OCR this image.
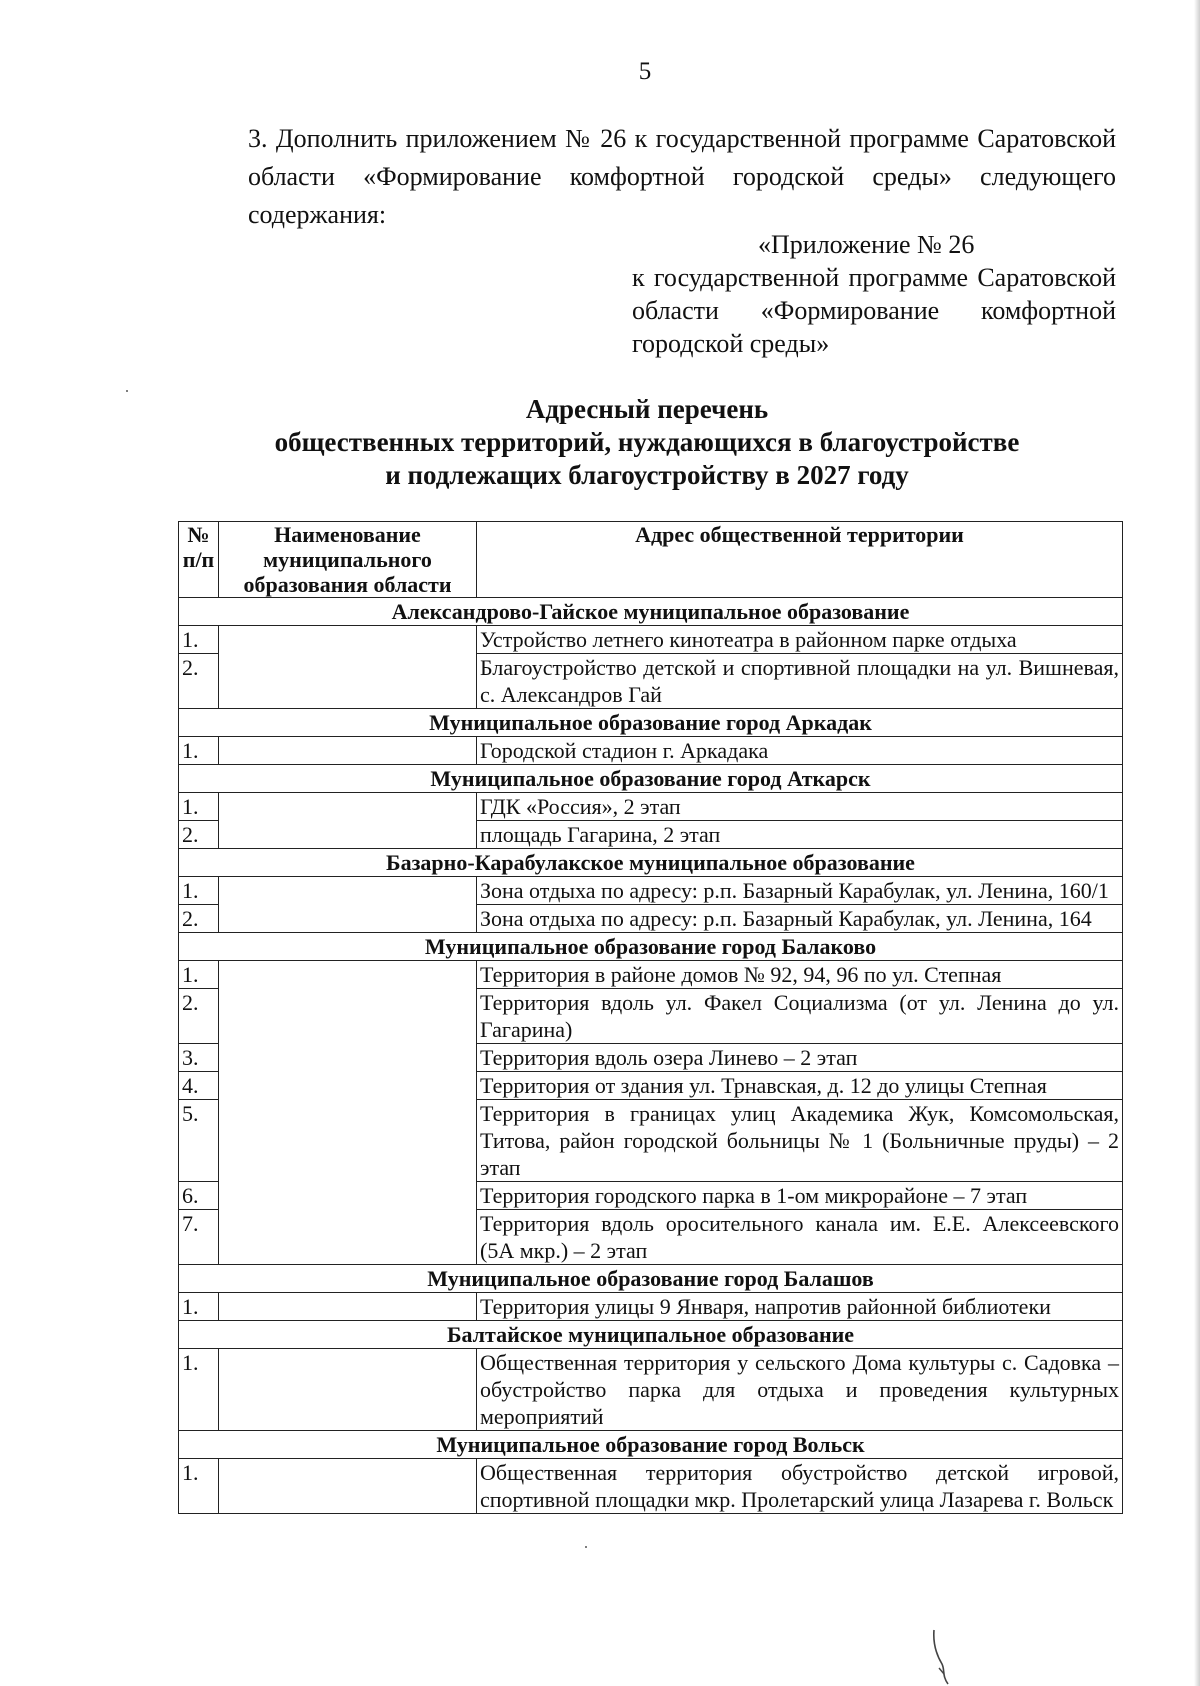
5

3. Дополнить приложением № 26 к государственной программе Саратовской области «Формирование комфортной городской среды» следующего содержания:

«Приложение № 26
к государственной программе Саратовской области «Формирование комфортной городской среды»
Адресный перечень
общественных территорий, нуждающихся в благоустройстве
и подлежащих благоустройству в 2027 году
№ п/п	Наименование муниципального образования области	Адрес общественной территории
Александрово-Гайское муниципальное образование		
1.		Устройство летнего кинотеатра в районном парке отдыха
2.		Благоустройство детской и спортивной площадки на ул. Вишневая, с. Александров Гай
Муниципальное образование город Аркадак		
1.		Городской стадион г. Аркадака
Муниципальное образование город Аткарск		
1.		ГДК «Россия», 2 этап
2.		площадь Гагарина, 2 этап
Базарно-Карабулакское муниципальное образование		
1.		Зона отдыха по адресу: р.п. Базарный Карабулак, ул. Ленина, 160/1
2.		Зона отдыха по адресу: р.п. Базарный Карабулак, ул. Ленина, 164
Муниципальное образование город Балаково		
1.		Территория в районе домов № 92, 94, 96 по ул. Степная
2.		Территория вдоль ул. Факел Социализма (от ул. Ленина до ул. Гагарина)
3.		Территория вдоль озера Линево – 2 этап
4.		Территория от здания ул. Трнавская, д. 12 до улицы Степная
5.		Территория в границах улиц Академика Жук, Комсомольская, Титова, район городской больницы № 1 (Больничные пруды) – 2 этап
6.		Территория городского парка в 1-ом микрорайоне – 7 этап
7.		Территория вдоль оросительного канала им. Е.Е. Алексеевского (5А мкр.) – 2 этап
Муниципальное образование город Балашов		
1.		Территория улицы 9 Января, напротив районной библиотеки
Балтайское муниципальное образование		
1.		Общественная территория у сельского Дома культуры с. Садовка – обустройство парка для отдыха и проведения культурных мероприятий
Муниципальное образование город Вольск		
1.		Общественная территория обустройство детской игровой, спортивной площадки мкр. Пролетарский улица Лазарева г. Вольск
